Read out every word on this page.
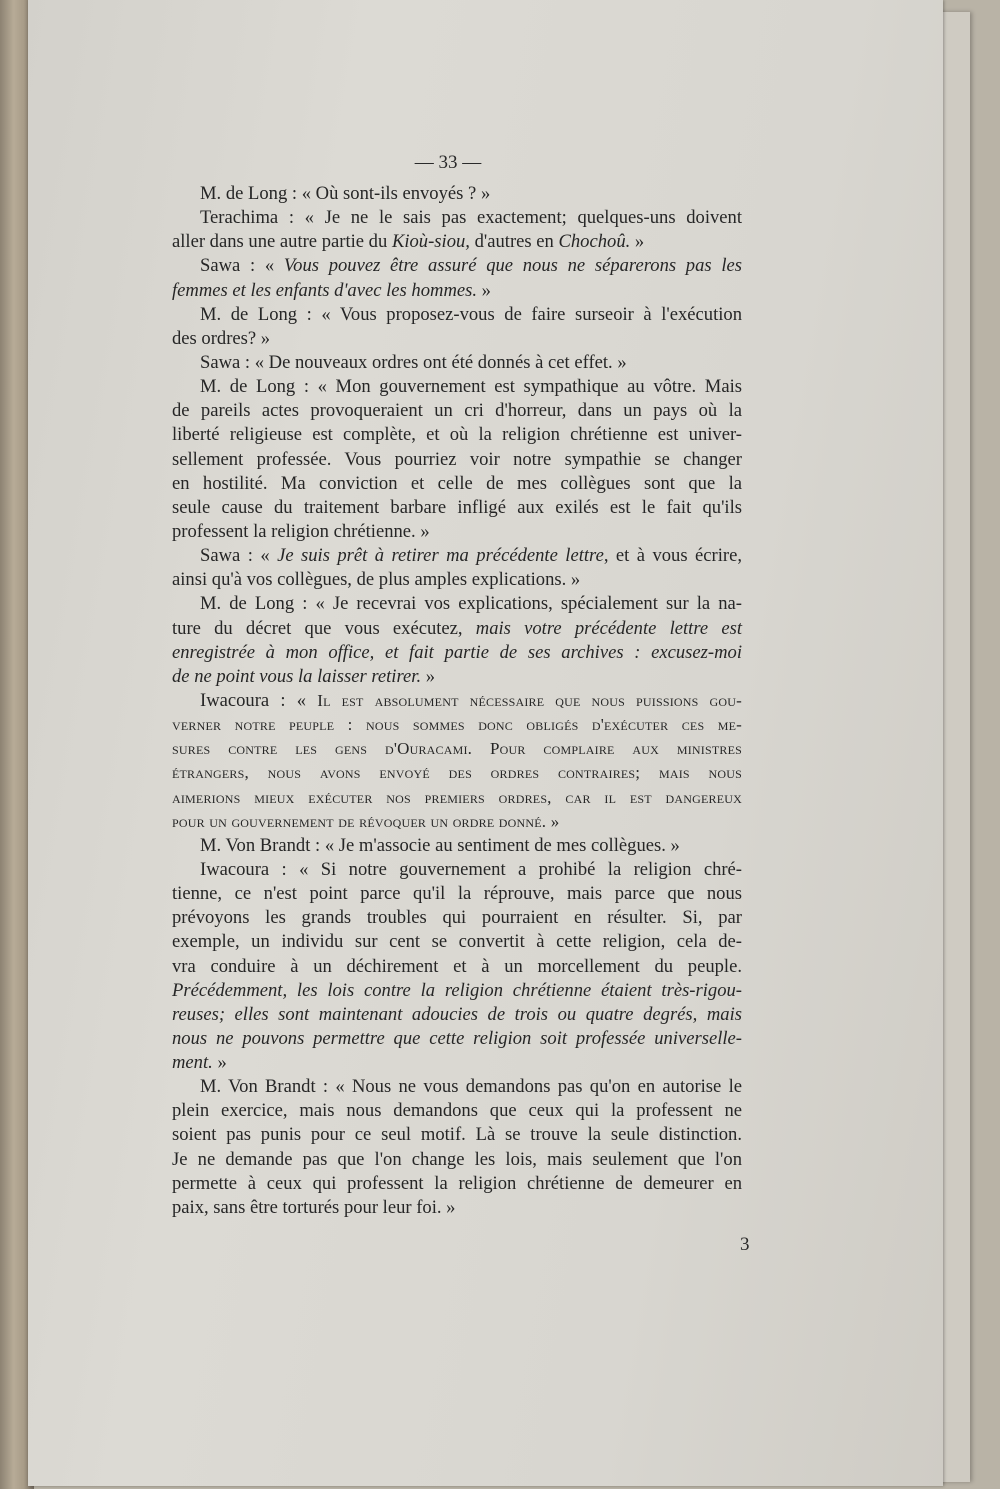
— 33 —
M. de Long : « Où sont-ils envoyés ? »
Terachima : « Je ne le sais pas exactement; quelques-uns doivent
aller dans une autre partie du Kioù-siou, d'autres en Chochoû. »
Sawa : « Vous pouvez être assuré que nous ne séparerons pas les
femmes et les enfants d'avec les hommes. »
M. de Long : « Vous proposez-vous de faire surseoir à l'exécution
des ordres? »
Sawa : « De nouveaux ordres ont été donnés à cet effet. »
M. de Long : « Mon gouvernement est sympathique au vôtre. Mais
de pareils actes provoqueraient un cri d'horreur, dans un pays où la
liberté religieuse est complète, et où la religion chrétienne est univer-
sellement professée. Vous pourriez voir notre sympathie se changer
en hostilité. Ma conviction et celle de mes collègues sont que la
seule cause du traitement barbare infligé aux exilés est le fait qu'ils
professent la religion chrétienne. »
Sawa : « Je suis prêt à retirer ma précédente lettre, et à vous écrire,
ainsi qu'à vos collègues, de plus amples explications. »
M. de Long : « Je recevrai vos explications, spécialement sur la na-
ture du décret que vous exécutez, mais votre précédente lettre est
enregistrée à mon office, et fait partie de ses archives : excusez-moi
de ne point vous la laisser retirer. »
Iwacoura : « Il est absolument nécessaire que nous puissions gou-
verner notre peuple : nous sommes donc obligés d'exécuter ces me-
sures contre les gens d'Ouracami. Pour complaire aux ministres
étrangers, nous avons envoyé des ordres contraires; mais nous
aimerions mieux exécuter nos premiers ordres, car il est dangereux
pour un gouvernement de révoquer un ordre donné. »
M. Von Brandt : « Je m'associe au sentiment de mes collègues. »
Iwacoura : « Si notre gouvernement a prohibé la religion chré-
tienne, ce n'est point parce qu'il la réprouve, mais parce que nous
prévoyons les grands troubles qui pourraient en résulter. Si, par
exemple, un individu sur cent se convertit à cette religion, cela de-
vra conduire à un déchirement et à un morcellement du peuple.
Précédemment, les lois contre la religion chrétienne étaient très-rigou-
reuses; elles sont maintenant adoucies de trois ou quatre degrés, mais
nous ne pouvons permettre que cette religion soit professée universelle-
ment. »
M. Von Brandt : « Nous ne vous demandons pas qu'on en autorise le
plein exercice, mais nous demandons que ceux qui la professent ne
soient pas punis pour ce seul motif. Là se trouve la seule distinction.
Je ne demande pas que l'on change les lois, mais seulement que l'on
permette à ceux qui professent la religion chrétienne de demeurer en
paix, sans être torturés pour leur foi. »
3
